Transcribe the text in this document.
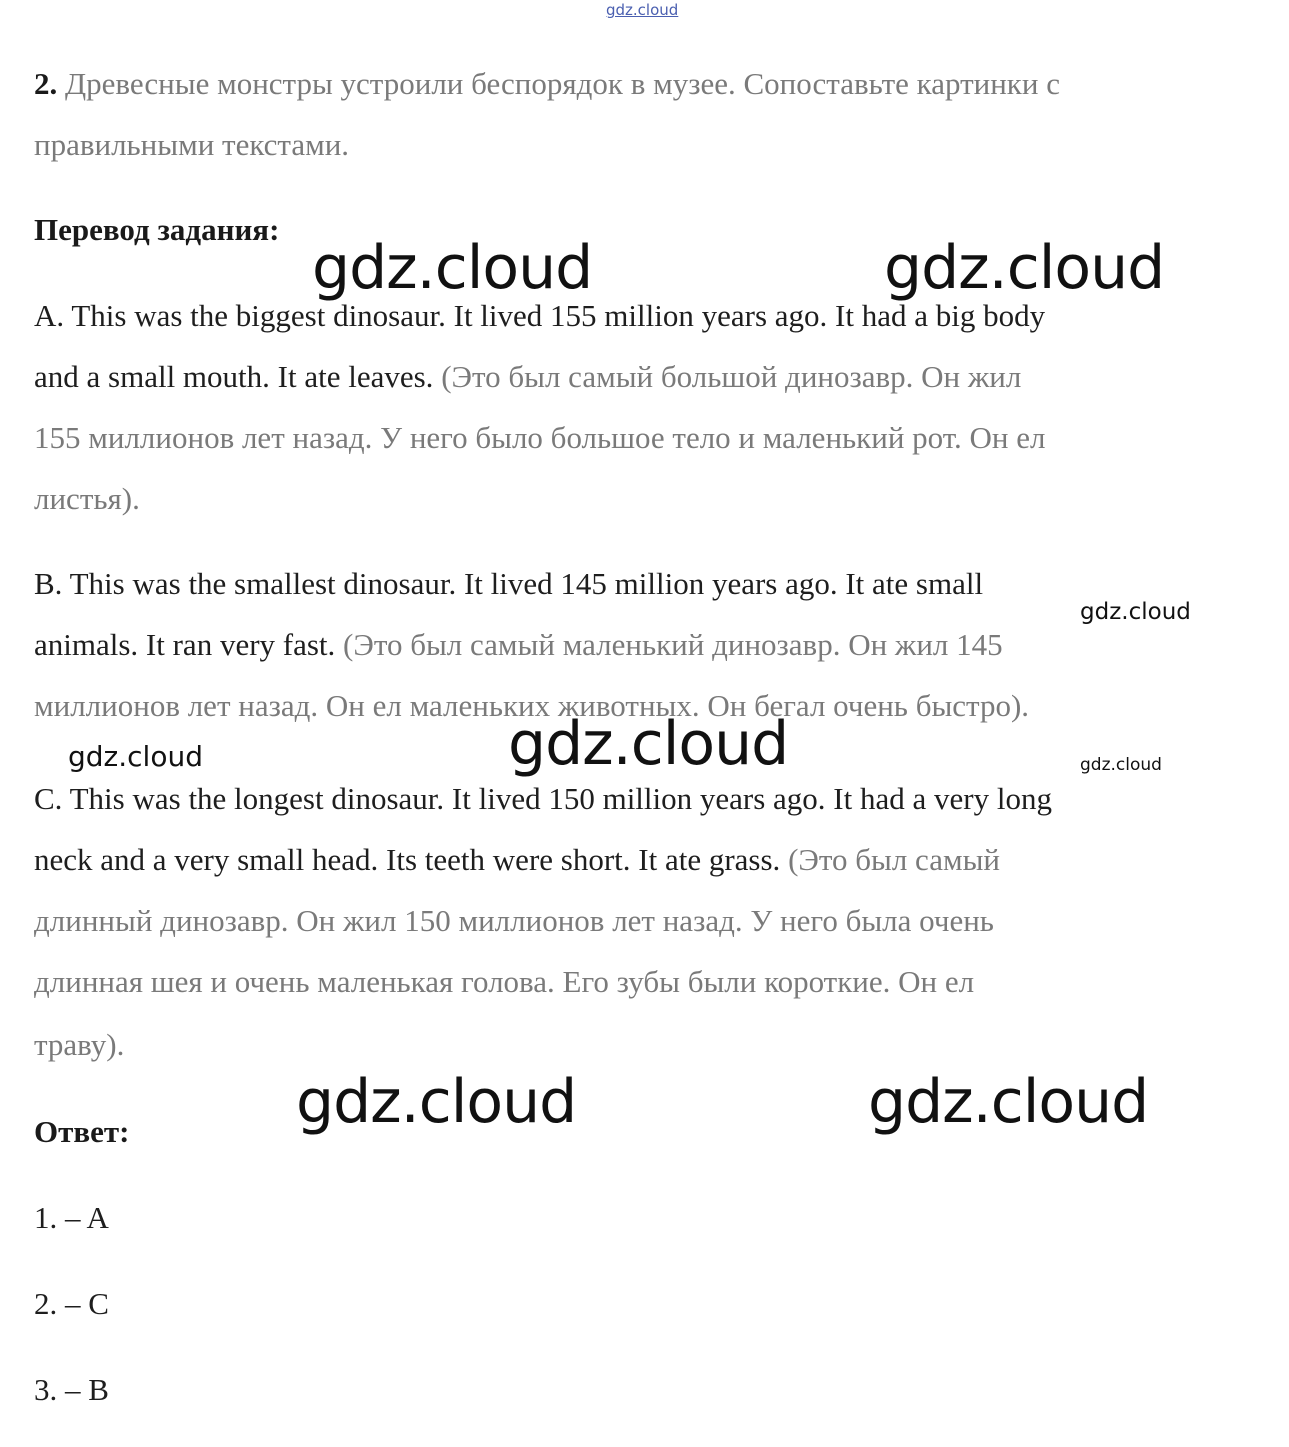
gdz.cloud
2. Древесные монстры устроили беспорядок в музее. Сопоставьте картинки с
правильными текстами.
Перевод задания:
A. This was the biggest dinosaur. It lived 155 million years ago. It had a big body
and a small mouth. It ate leaves. (Это был самый большой динозавр. Он жил
155 миллионов лет назад. У него было большое тело и маленький рот. Он ел
листья).
B. This was the smallest dinosaur. It lived 145 million years ago. It ate small
animals. It ran very fast. (Это был самый маленький динозавр. Он жил 145
миллионов лет назад. Он ел маленьких животных. Он бегал очень быстро).
C. This was the longest dinosaur. It lived 150 million years ago. It had a very long
neck and a very small head. Its teeth were short. It ate grass. (Это был самый
длинный динозавр. Он жил 150 миллионов лет назад. У него была очень
длинная шея и очень маленькая голова. Его зубы были короткие. Он ел
траву).
Ответ:
1. – A
2. – C
3. – B
gdz.cloud	gdz.cloud
gdz.cloud
gdz.cloud	gdz.cloud	gdz.cloud
gdz.cloud	gdz.cloud
